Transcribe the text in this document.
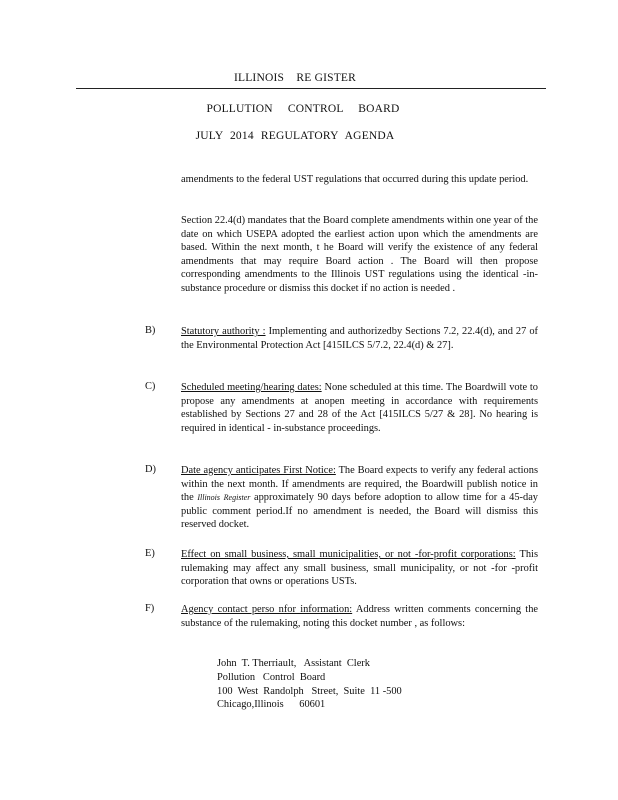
ILLINOIS    RE GISTER
POLLUTION CONTROL BOARD
JULY 2014 REGULATORY AGENDA
amendments to the federal UST regulations that occurred during this update period.
Section 22.4(d) mandates that the Board complete amendments within one year of the date on which USEPA adopted the earliest action upon which the amendments are based. Within the next month, t he Board will verify the existence of any federal amendments that may require Board action . The Board will then propose corresponding amendments to the Illinois UST regulations using the identical -in-substance procedure or dismiss this docket if no action is needed .
B) Statutory authority : Implementing and authorizedby Sections 7.2, 22.4(d), and 27 of the Environmental Protection Act [415ILCS 5/7.2, 22.4(d) & 27].
C) Scheduled meeting/hearing dates: None scheduled at this time. The Boardwill vote to propose any amendments at anopen meeting in accordance with requirements established by Sections 27 and 28 of the Act [415ILCS 5/27 & 28]. No hearing is required in identical - in-substance proceedings.
D) Date agency anticipates First Notice: The Board expects to verify any federal actions within the next month. If amendments are required, the Boardwill publish notice in the Illinois Register approximately 90 days before adoption to allow time for a 45-day public comment period.If no amendment is needed, the Board will dismiss this reserved docket.
E)	Effect on small business, small municipalities, or not -for-profit corporations: This rulemaking may affect any small business, small municipality, or not -for -profit corporation that owns or operations USTs.
F)	Agency contact perso nfor information: Address written comments concerning the substance of the rulemaking, noting this docket number , as follows:
John  T. Therriault,   Assistant  Clerk
Pollution   Control  Board
100  West  Randolph   Street,  Suite  11 -500
Chicago,Illinois      60601
